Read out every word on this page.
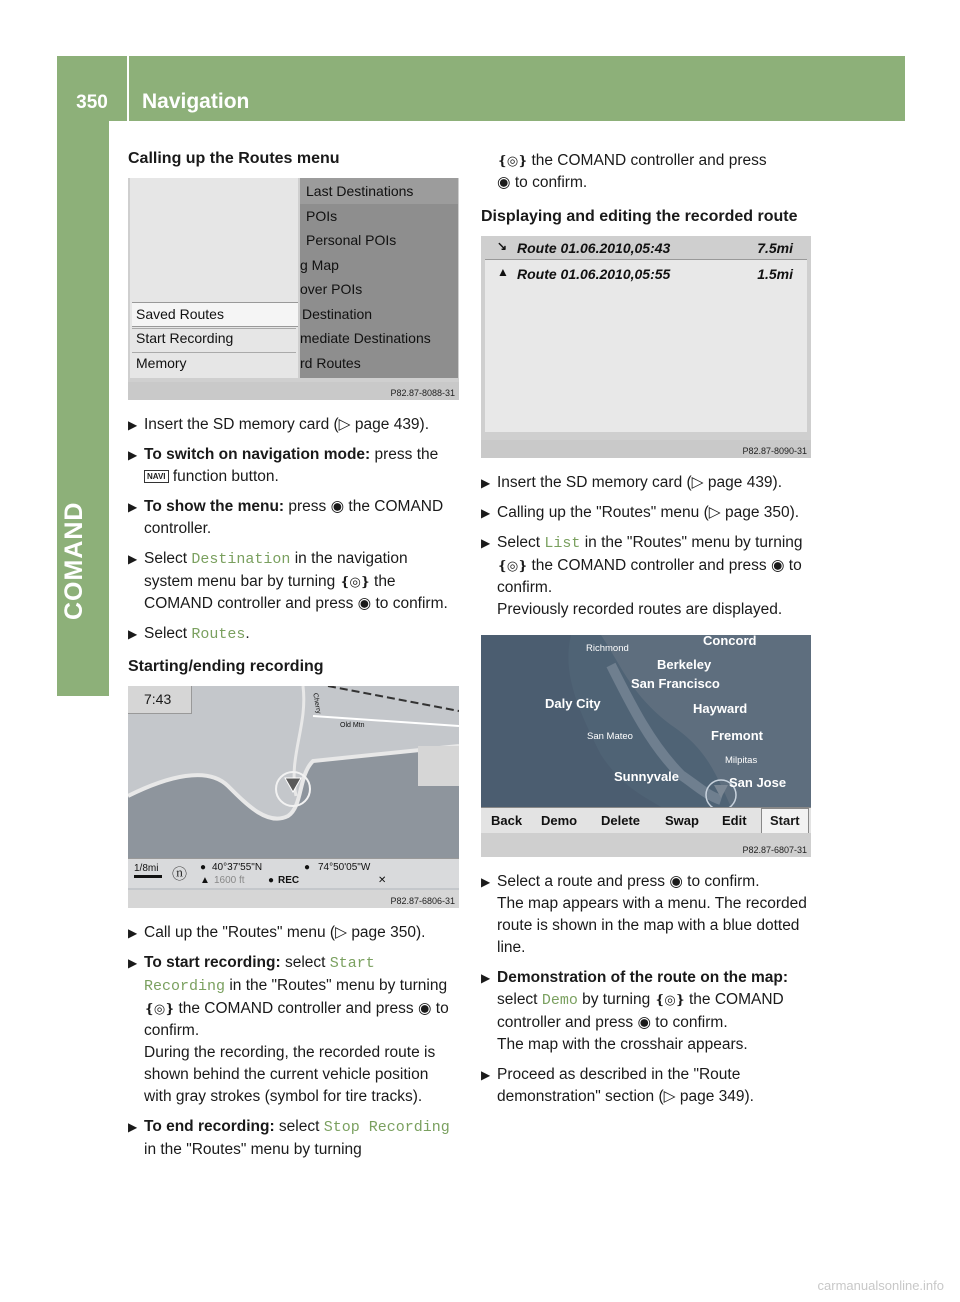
350	Navigation
COMAND
Calling up the Routes menu
Saved Routes
Start Recording
Memory
Last Destinations
POIs
Personal POIs
g Map
over POIs
Destination
mediate Destinations
rd Routes
P82.87-8088-31
▶ Insert the SD memory card (▷ page 439).
▶ To switch on navigation mode: press the
NAVI function button.
▶ To show the menu: press ◉ the COMAND controller.
▶ Select Destination in the navigation system menu bar by turning ❴◎❵ the COMAND controller and press ◉ to confirm.
▶ Select Routes.
Starting/ending recording
7:43
Old Mtn
Cherry
1/8mi ⓝ ● 40°37'55"N
▲ 1600 ft ● REC
● 74°50'05"W
✕
P82.87-6806-31
▶ Call up the "Routes" menu (▷ page 350).
▶ To start recording: select Start Recording in the "Routes" menu by turning ❴◎❵ the COMAND controller and press ◉ to confirm.
During the recording, the recorded route is shown behind the current vehicle position with gray strokes (symbol for tire tracks).
▶ To end recording: select Stop Recording in the "Routes" menu by turning
❴◎❵ the COMAND controller and press
◉ to confirm.
Displaying and editing the recorded route
↘ Route 01.06.2010,05:43	7.5mi
▲ Route 01.06.2010,05:55	1.5mi
P82.87-8090-31
▶ Insert the SD memory card (▷ page 439).
▶ Calling up the "Routes" menu (▷ page 350).
▶ Select List in the "Routes" menu by turning ❴◎❵ the COMAND controller and press ◉ to confirm.
Previously recorded routes are displayed.
Richmond
Concord
Berkeley
San Francisco
Daly City	Hayward
San Mateo	Fremont
Milpitas
Sunnyvale	San Jose
Back Demo Delete Swap Edit	Start
P82.87-6807-31
▶ Select a route and press ◉ to confirm.
The map appears with a menu. The recorded route is shown in the map with a blue dotted line.
▶ Demonstration of the route on the map: select Demo by turning ❴◎❵ the COMAND controller and press ◉ to confirm.
The map with the crosshair appears.
▶ Proceed as described in the "Route demonstration" section (▷ page 349).
carmanualsonline.info
